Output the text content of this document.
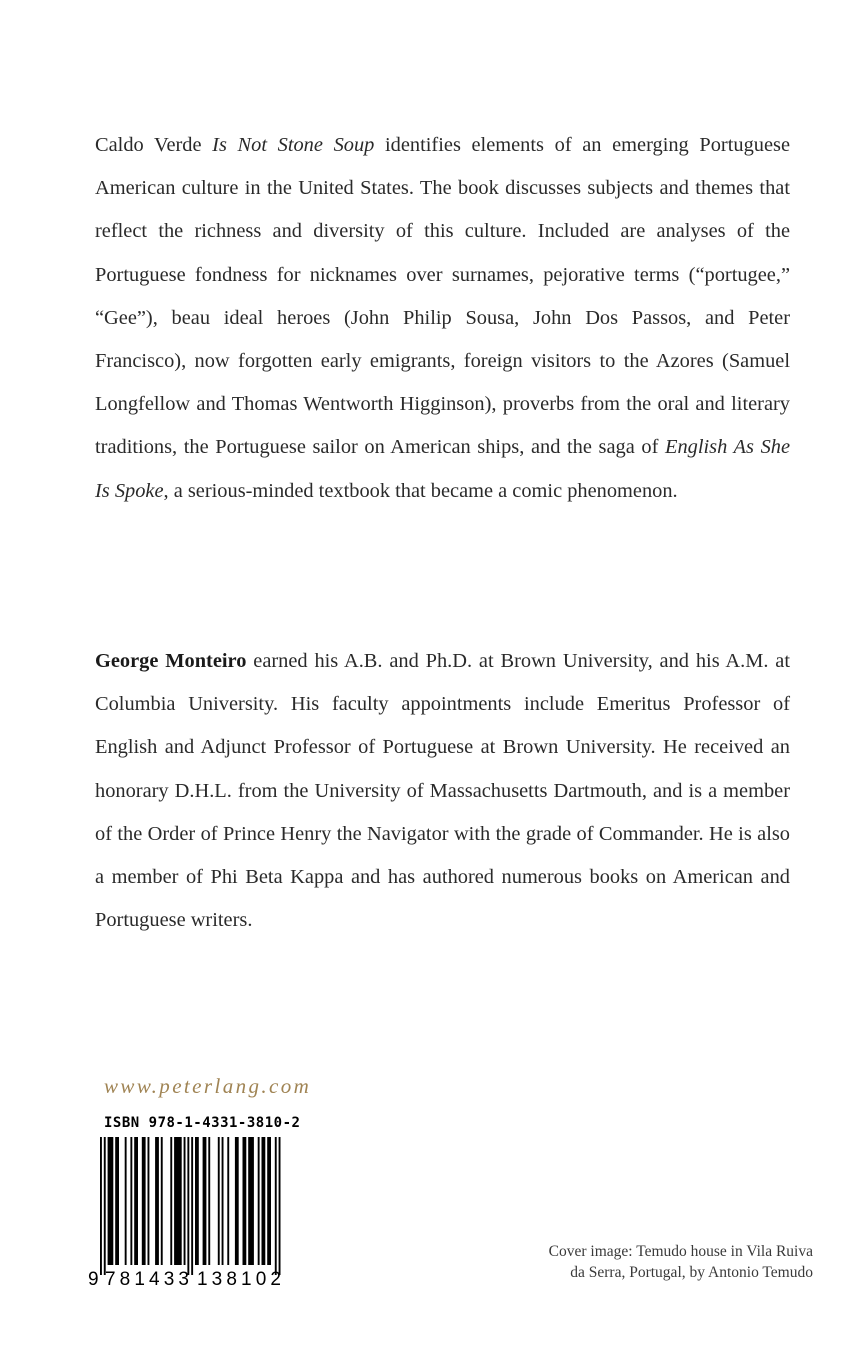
Caldo Verde Is Not Stone Soup identifies elements of an emerging Portuguese American culture in the United States. The book discusses subjects and themes that reflect the richness and diversity of this culture. Included are analyses of the Portuguese fondness for nicknames over surnames, pejorative terms (“portugee,” “Gee”), beau ideal heroes (John Philip Sousa, John Dos Passos, and Peter Francisco), now forgotten early emigrants, foreign visitors to the Azores (Samuel Longfellow and Thomas Wentworth Higginson), proverbs from the oral and literary traditions, the Portuguese sailor on American ships, and the saga of English As She Is Spoke, a serious-minded textbook that became a comic phenomenon.

George Monteiro earned his A.B. and Ph.D. at Brown University, and his A.M. at Columbia University. His faculty appointments include Emeritus Professor of English and Adjunct Professor of Portuguese at Brown University. He received an honorary D.H.L. from the University of Massachusetts Dartmouth, and is a member of the Order of Prince Henry the Navigator with the grade of Commander. He is also a member of Phi Beta Kappa and has authored numerous books on American and Portuguese writers.

www.peterlang.com
ISBN 978-1-4331-3810-2
9 781433 138102
Cover image: Temudo house in Vila Ruiva
da Serra, Portugal, by Antonio Temudo
